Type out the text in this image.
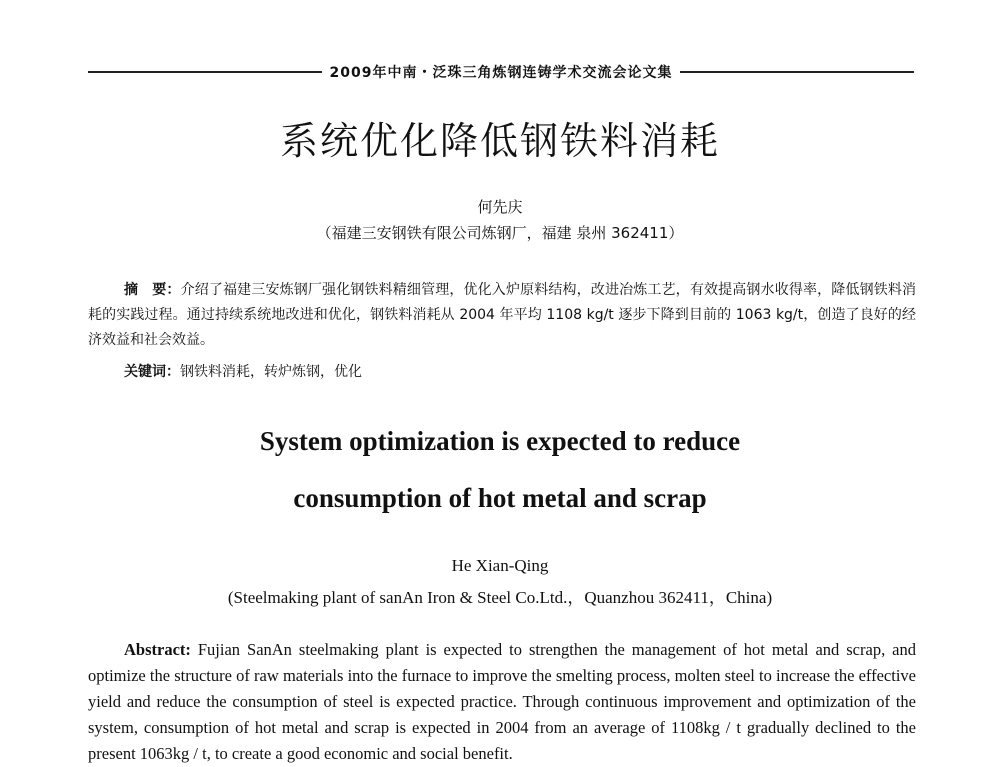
2009年中南・泛珠三角炼钢连铸学术交流会论文集
系统优化降低钢铁料消耗
何先庆
（福建三安钢铁有限公司炼钢厂，福建 泉州 362411）

摘　要：介绍了福建三安炼钢厂强化钢铁料精细管理，优化入炉原料结构，改进冶炼工艺，有效提高钢水收得率，降低钢铁料消耗的实践过程。通过持续系统地改进和优化，钢铁料消耗从 2004 年平均 1108 kg/t 逐步下降到目前的 1063 kg/t，创造了良好的经济效益和社会效益。

关键词：钢铁料消耗，转炉炼钢，优化

System optimization is expected to reduce
consumption of hot metal and scrap
He Xian-Qing
(Steelmaking plant of sanAn Iron & Steel Co.Ltd.，Quanzhou 362411，China)

Abstract: Fujian SanAn steelmaking plant is expected to strengthen the management of hot metal and scrap, and optimize the structure of raw materials into the furnace to improve the smelting process, molten steel to increase the effective yield and reduce the consumption of steel is expected practice. Through continuous improvement and optimization of the system, consumption of hot metal and scrap is expected in 2004 from an average of 1108kg / t gradually declined to the present 1063kg / t, to create a good economic and social benefit.
